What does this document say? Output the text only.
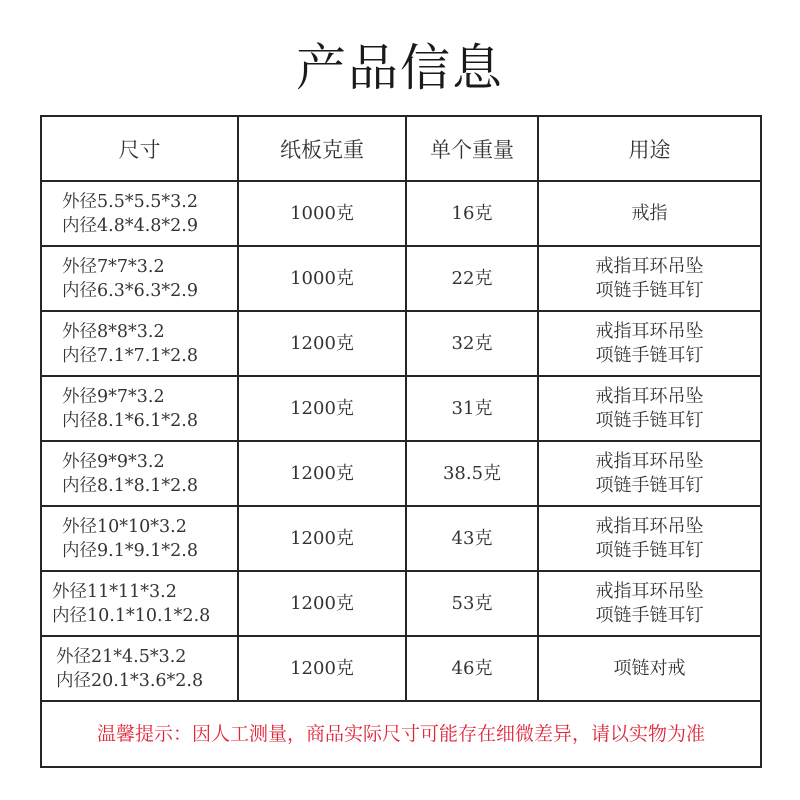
产品信息
尺寸	纸板克重	单个重量	用途

外径5.5*5.5*3.2
内径4.8*4.8*2.9	1000克	16克	戒指

外径7*7*3.2
内径6.3*6.3*2.9	1000克	22克	戒指耳环吊坠
项链手链耳钉

外径8*8*3.2
内径7.1*7.1*2.8	1200克	32克	戒指耳环吊坠
项链手链耳钉

外径9*7*3.2
内径8.1*6.1*2.8	1200克	31克	戒指耳环吊坠
项链手链耳钉

外径9*9*3.2
内径8.1*8.1*2.8	1200克	38.5克	戒指耳环吊坠
项链手链耳钉

外径10*10*3.2
内径9.1*9.1*2.8	1200克	43克	戒指耳环吊坠
项链手链耳钉

外径11*11*3.2
内径10.1*10.1*2.8	1200克	53克	戒指耳环吊坠
项链手链耳钉

外径21*4.5*3.2
内径20.1*3.6*2.8	1200克	46克	项链对戒

温馨提示：因人工测量，商品实际尺寸可能存在细微差异，请以实物为准			
